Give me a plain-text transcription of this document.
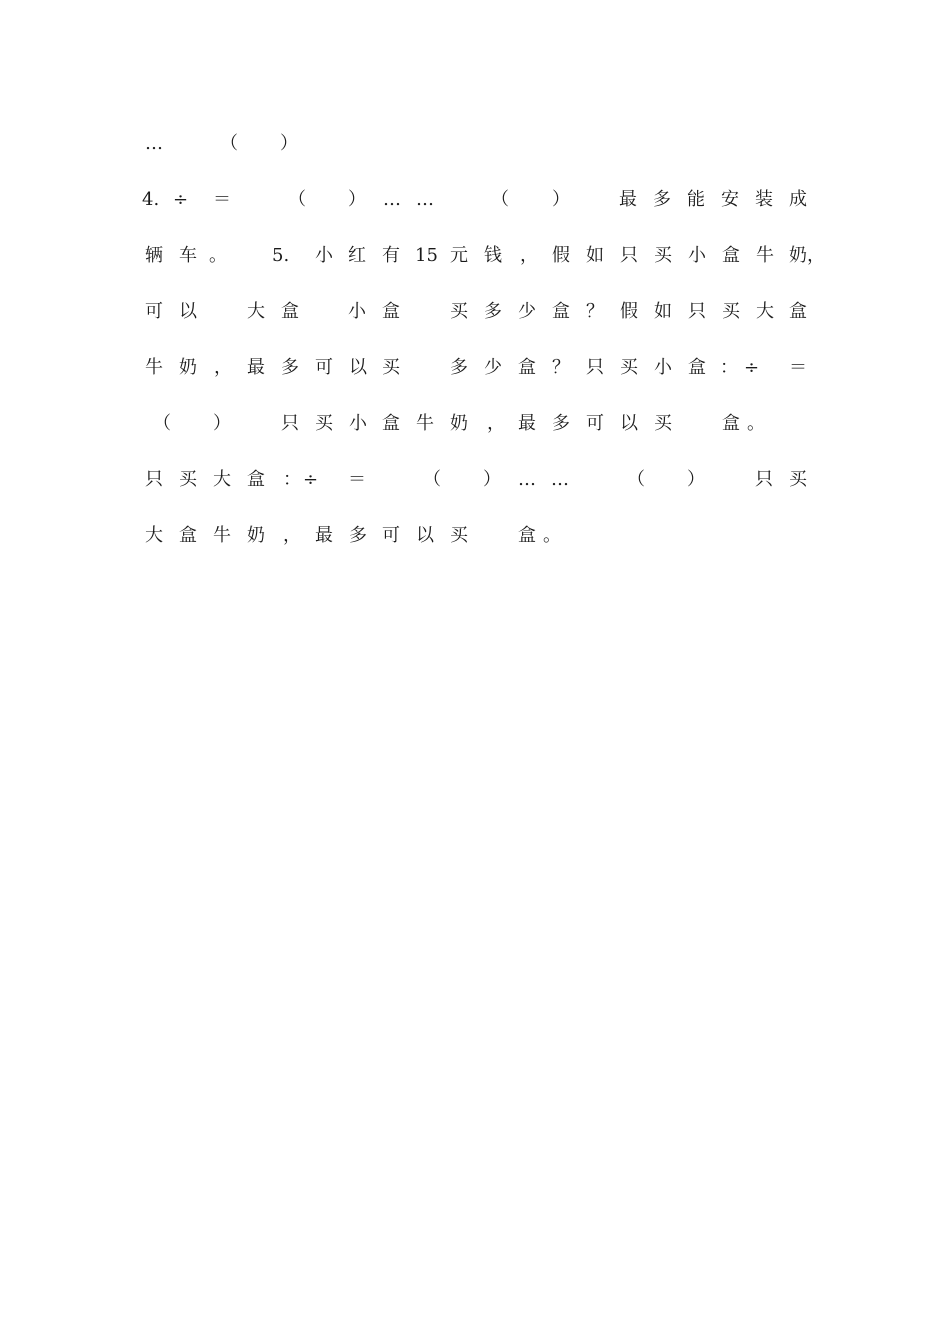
…	（ ）
4. ÷ ＝	（ ） … …	（ ）	最 多 能 安 装 成
辆 车 。	5. 小 红 有 15 元 钱 ， 假 如 只 买 小 盒 牛 奶，
可 以	大 盒	小 盒	买 多 少 盒 ？ 假 如 只 买 大 盒
牛 奶 ， 最 多 可 以 买	多 少 盒 ？ 只 买 小 盒 ： ÷ ＝
（ ）	只 买 小 盒 牛 奶 ， 最 多 可 以 买	盒 。
只 买 大 盒 ： ÷ ＝	（ ） … …	（ ）	只 买
大 盒 牛 奶 ， 最 多 可 以 买	盒 。
